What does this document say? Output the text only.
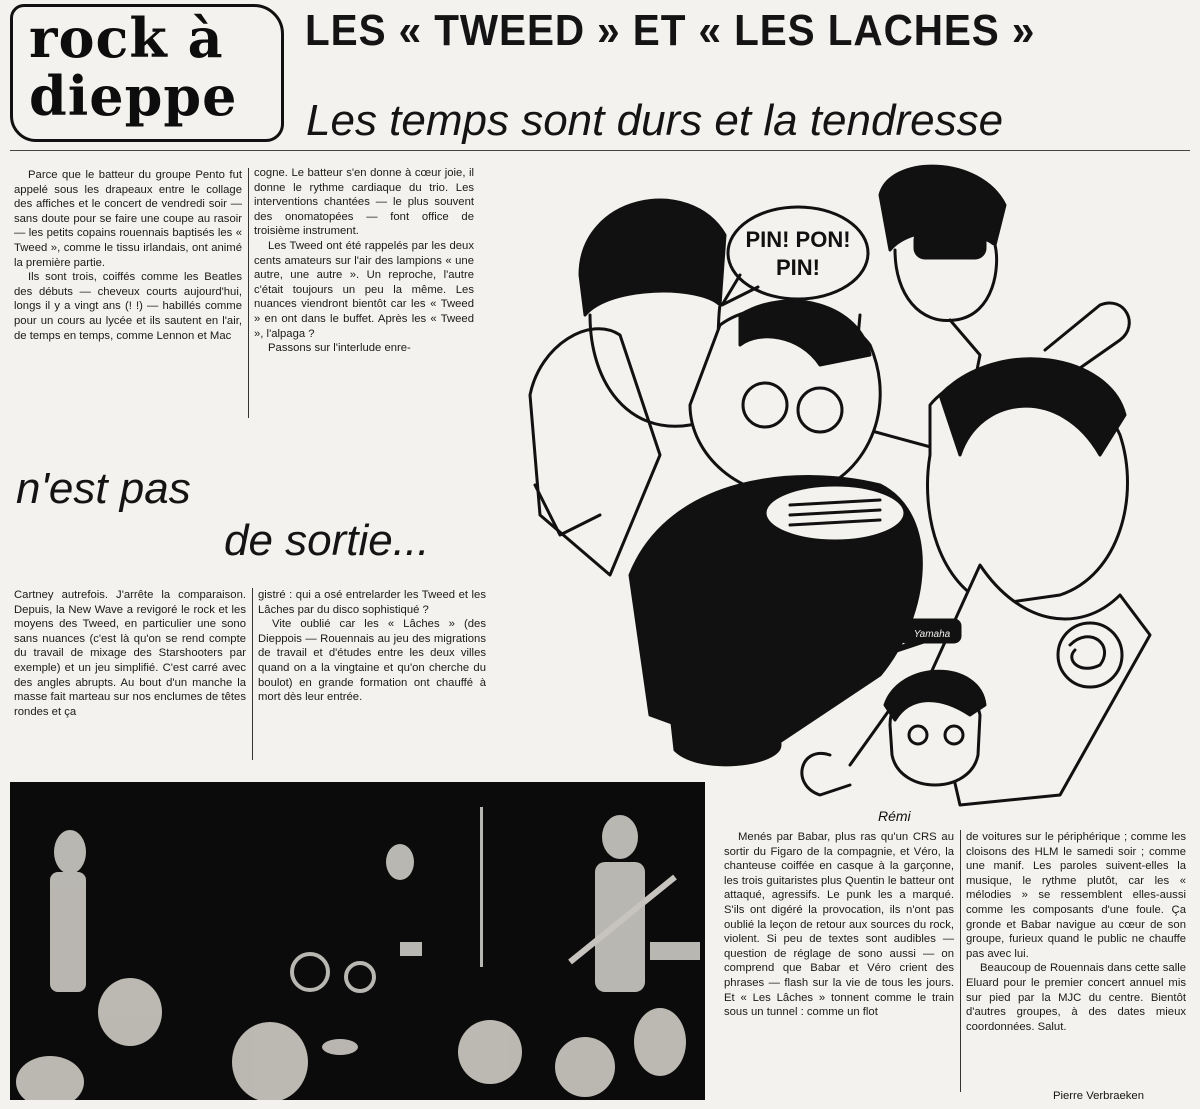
rock à
dieppe
LES « TWEED » ET « LES LACHES »
Les temps sont durs et la tendresse

Parce que le batteur du groupe Pento fut appelé sous les drapeaux entre le collage des affiches et le concert de vendredi soir — sans doute pour se faire une coupe au rasoir — les petits copains rouennais baptisés les « Tweed », comme le tissu irlandais, ont animé la première partie.

Ils sont trois, coiffés comme les Beatles des débuts — cheveux courts aujourd'hui, longs il y a vingt ans (! !) — habillés comme pour un cours au lycée et ils sautent en l'air, de temps en temps, comme Lennon et Mac

cogne. Le batteur s'en donne à cœur joie, il donne le rythme cardiaque du trio. Les interventions chantées — le plus souvent des onomatopées — font office de troisième instrument.

Les Tweed ont été rappelés par les deux cents amateurs sur l'air des lampions « une autre, une autre ». Un reproche, l'autre c'était toujours un peu la même. Les nuances viendront bientôt car les « Tweed » en ont dans le buffet. Après les « Tweed », l'alpaga ?

Passons sur l'interlude enre-

n'est pas
de sortie...

Cartney autrefois. J'arrête la comparaison. Depuis, la New Wave a revigoré le rock et les moyens des Tweed, en particulier une sono sans nuances (c'est là qu'on se rend compte du travail de mixage des Starshooters par exemple) et un jeu simplifié. C'est carré avec des angles abrupts. Au bout d'un manche la masse fait marteau sur nos enclumes de têtes rondes et ça

gistré : qui a osé entrelarder les Tweed et les Lâches par du disco sophistiqué ?

Vite oublié car les « Lâches » (des Dieppois — Rouennais au jeu des migrations de travail et d'études entre les deux villes quand on a la vingtaine et qu'on cherche du boulot) en grande formation ont chauffé à mort dès leur entrée.

PIN! PON!
PIN!
Yamaha
Rémi

Menés par Babar, plus ras qu'un CRS au sortir du Figaro de la compagnie, et Véro, la chanteuse coiffée en casque à la garçonne, les trois guitaristes plus Quentin le batteur ont attaqué, agressifs. Le punk les a marqué. S'ils ont digéré la provocation, ils n'ont pas oublié la leçon de retour aux sources du rock, violent. Si peu de textes sont audibles — question de réglage de sono aussi — on comprend que Babar et Véro crient des phrases — flash sur la vie de tous les jours. Et « Les Lâches » tonnent comme le train sous un tunnel : comme un flot

de voitures sur le périphérique ; comme les cloisons des HLM le samedi soir ; comme une manif. Les paroles suivent-elles la musique, le rythme plutôt, car les « mélodies » se ressemblent elles-aussi comme les composants d'une foule. Ça gronde et Babar navigue au cœur de son groupe, furieux quand le public ne chauffe pas avec lui.

Beaucoup de Rouennais dans cette salle Eluard pour le premier concert annuel mis sur pied par la MJC du centre. Bientôt d'autres groupes, à des dates mieux coordonnées. Salut.

Pierre Verbraeken
